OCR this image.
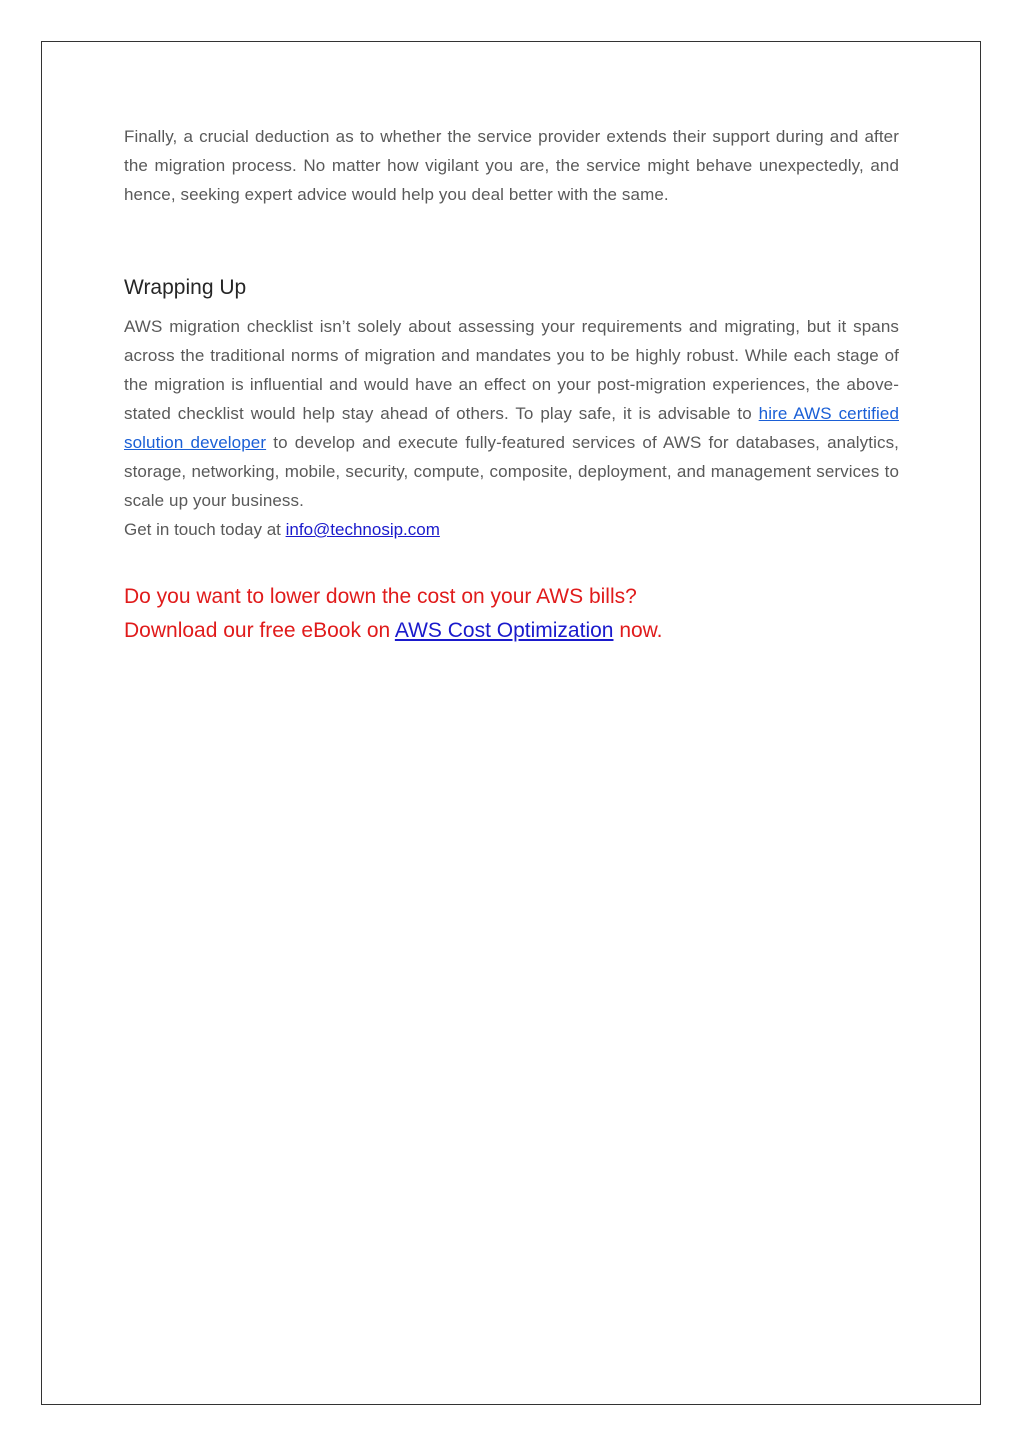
Finally, a crucial deduction as to whether the service provider extends their support during and after the migration process. No matter how vigilant you are, the service might behave unexpectedly, and hence, seeking expert advice would help you deal better with the same.

Wrapping Up

AWS migration checklist isn’t solely about assessing your requirements and migrating, but it spans across the traditional norms of migration and mandates you to be highly robust. While each stage of the migration is influential and would have an effect on your post-migration experiences, the above-stated checklist would help stay ahead of others. To play safe, it is advisable to hire AWS certified solution developer to develop and execute fully-featured services of AWS for databases, analytics, storage, networking, mobile, security, compute, composite, deployment, and management services to scale up your business.

Get in touch today at info@technosip.com

Do you want to lower down the cost on your AWS bills?
Download our free eBook on AWS Cost Optimization now.
